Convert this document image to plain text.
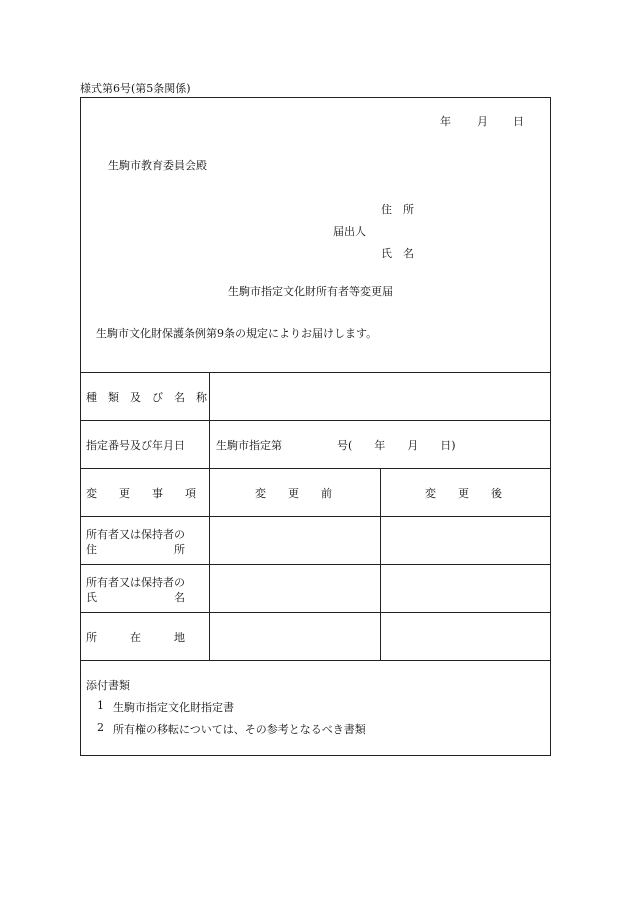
様式第6号(第5条関係)
年 月 日
生駒市教育委員会殿
住　所
届出人
氏　名
生駒市指定文化財所有者等変更届
生駒市文化財保護条例第9条の規定によりお届けします。
種　類　及　び　名　称
指定番号及び年月日	生駒市指定第　　　　　号(　　年　　月　　日)
変　　更　　事　　項	変　　更　　前	変　　更　　後
所有者又は保持者の
住　　　　　　　所
所有者又は保持者の
氏　　　　　　　名
所　　　在　　　地
添付書類
1 生駒市指定文化財指定書
2 所有権の移転については、その参考となるべき書類
